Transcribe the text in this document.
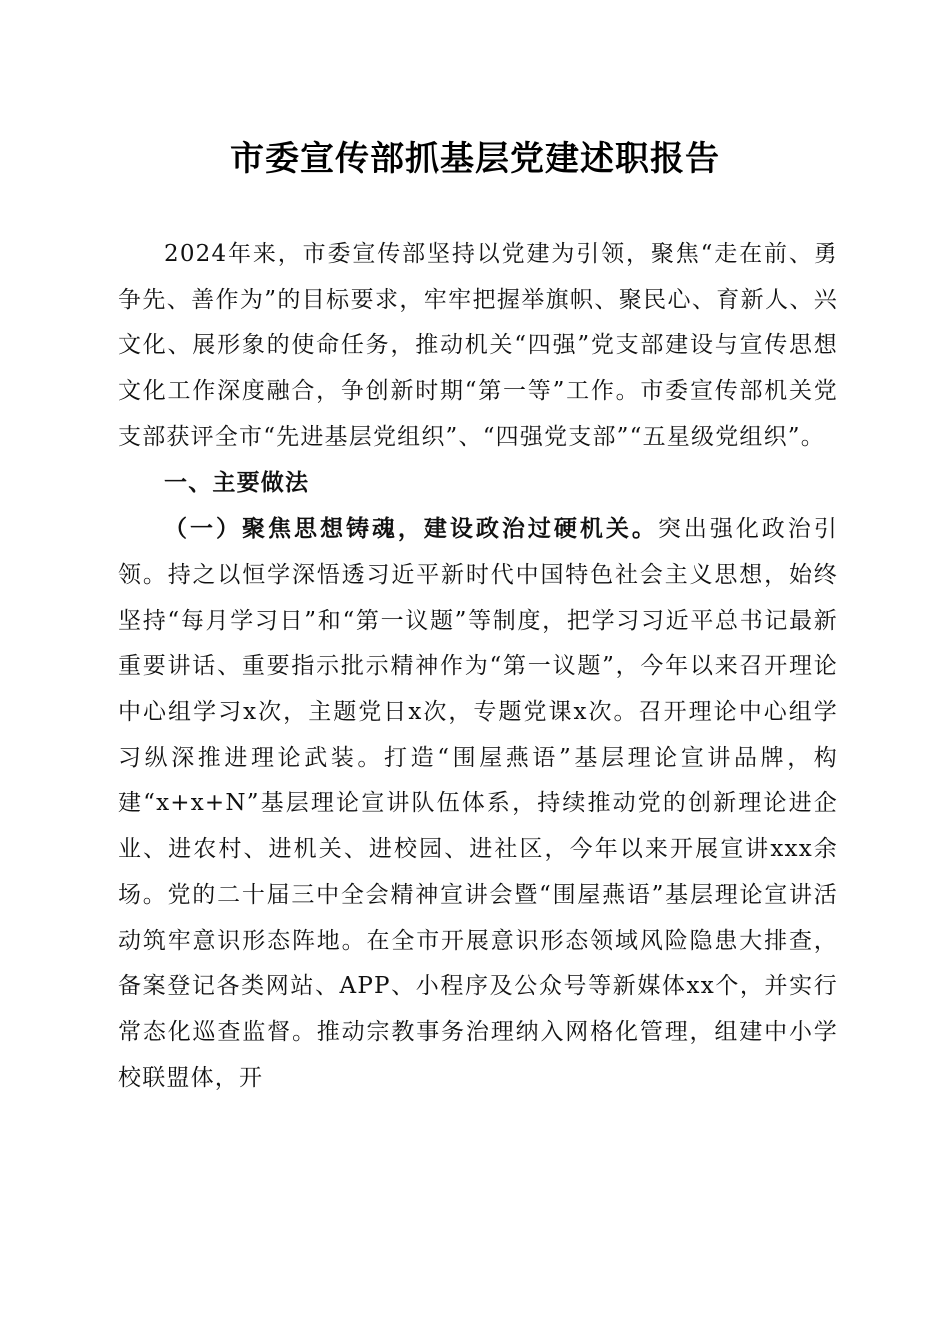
市委宣传部抓基层党建述职报告

2024年来，市委宣传部坚持以党建为引领，聚焦“走在前、勇争先、善作为”的目标要求，牢牢把握举旗帜、聚民心、育新人、兴文化、展形象的使命任务，推动机关“四强”党支部建设与宣传思想文化工作深度融合，争创新时期“第一等”工作。市委宣传部机关党支部获评全市“先进基层党组织”、“四强党支部”“五星级党组织”。

一、主要做法

（一）聚焦思想铸魂，建设政治过硬机关。突出强化政治引领。持之以恒学深悟透习近平新时代中国特色社会主义思想，始终坚持“每月学习日”和“第一议题”等制度，把学习习近平总书记最新重要讲话、重要指示批示精神作为“第一议题”，今年以来召开理论中心组学习x次，主题党日x次，专题党课x次。召开理论中心组学习纵深推进理论武装。打造“围屋燕语”基层理论宣讲品牌，构建“x+x+N”基层理论宣讲队伍体系，持续推动党的创新理论进企业、进农村、进机关、进校园、进社区，今年以来开展宣讲xxx余场。党的二十届三中全会精神宣讲会暨“围屋燕语”基层理论宣讲活动筑牢意识形态阵地。在全市开展意识形态领域风险隐患大排查，备案登记各类网站、APP、小程序及公众号等新媒体xx个，并实行常态化巡查监督。推动宗教事务治理纳入网格化管理，组建中小学校联盟体，开
